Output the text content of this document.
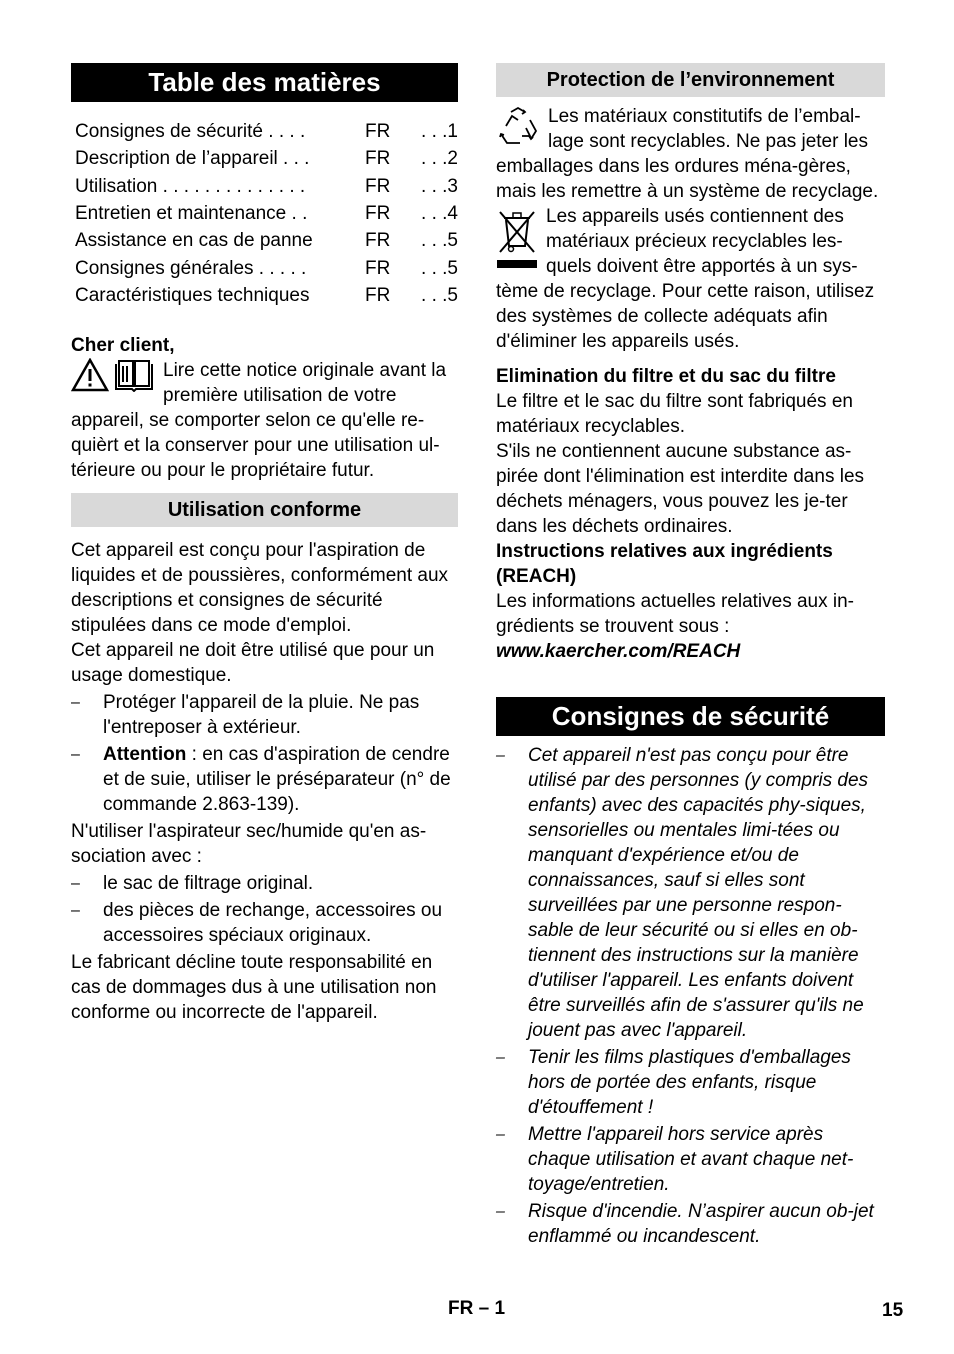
Table des matières
Consignes de sécurité . . . .	FR	. . .1
Description de l’appareil . . .	FR	. . .2
Utilisation . . . . . . . . . . . . . .	FR	. . .3
Entretien et maintenance . .	FR	. . .4
Assistance en cas de panne	FR	. . .5
Consignes générales . . . . .	FR	. . .5
Caractéristiques techniques	FR	. . .5

Cher client,

Lire cette notice originale avant la première utilisation de votre appareil, se comporter selon ce qu'elle re-quièrt et la conserver pour une utilisation ul-térieure ou pour le propriétaire futur.

Utilisation conforme

Cet appareil est conçu pour l'aspiration de liquides et de poussières, conformément aux descriptions et consignes de sécurité stipulées dans ce mode d'emploi.

Cet appareil ne doit être utilisé que pour un usage domestique.

– Protéger l'appareil de la pluie. Ne pas l'entreposer à extérieur.
– Attention : en cas d'aspiration de cendre et de suie, utiliser le préséparateur (n° de commande 2.863-139).

N'utiliser l'aspirateur sec/humide qu'en as-sociation avec :

– le sac de filtrage original.
– des pièces de rechange, accessoires ou accessoires spéciaux originaux.

Le fabricant décline toute responsabilité en cas de dommages dus à une utilisation non conforme ou incorrecte de l'appareil.

Protection de l’environnement

Les matériaux constitutifs de l’embal-lage sont recyclables. Ne pas jeter les emballages dans les ordures ména-gères, mais les remettre à un système de recyclage.

Les appareils usés contiennent des matériaux précieux recyclables les-quels doivent être apportés à un sys-tème de recyclage. Pour cette raison, utilisez des systèmes de collecte adéquats afin d'éliminer les appareils usés.

Elimination du filtre et du sac du filtre

Le filtre et le sac du filtre sont fabriqués en matériaux recyclables.

S'ils ne contiennent aucune substance as-pirée dont l'élimination est interdite dans les déchets ménagers, vous pouvez les je-ter dans les déchets ordinaires.

Instructions relatives aux ingrédients (REACH)

Les informations actuelles relatives aux in-grédients se trouvent sous :

www.kaercher.com/REACH

Consignes de sécurité
– Cet appareil n'est pas conçu pour être utilisé par des personnes (y compris des enfants) avec des capacités phy-siques, sensorielles ou mentales limi-tées ou manquant d'expérience et/ou de connaissances, sauf si elles sont surveillées par une personne respon-sable de leur sécurité ou si elles en ob-tiennent des instructions sur la manière d'utiliser l'appareil. Les enfants doivent être surveillés afin de s'assurer qu'ils ne jouent pas avec l'appareil.
– Tenir les films plastiques d'emballages hors de portée des enfants, risque d'étouffement !
– Mettre l'appareil hors service après chaque utilisation et avant chaque net-toyage/entretien.
– Risque d'incendie. N’aspirer aucun ob-jet enflammé ou incandescent.
FR – 1	15
